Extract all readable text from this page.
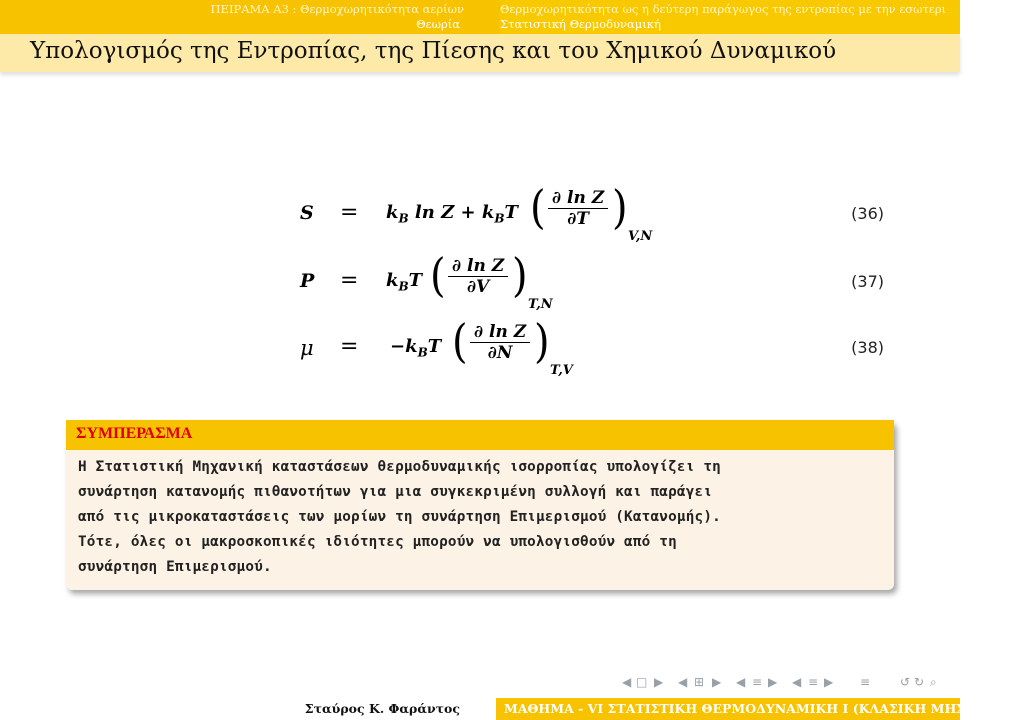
ΠΕΙΡΑΜΑ Α3 : Θερμοχωρητικότητα αερίων
Θεωρία
Θερμοχωρητικότητα ως η δεύτερη παράγωγος της εντροπίας με την εσωτερι
Στατιστική Θερμοδυναμική
Υπολογισμός της Εντροπίας, της Πίεσης και του Χημικού Δυναμικού
$S = k_B$ $\ln Z + k_BT$ ( $\frac{\text{∂ ln Z}}{\partial T}$ )
V,N
(36)
$P = k_BT$ ( $\frac{\text{∂ ln Z}}{\partial V}$ )
T,N
(37)
$\mu = -k_BT$ ( $\frac{\text{∂ ln Z}}{\partial N}$ )
T,V
(38)
ΣΥΜΠΕΡΑΣΜΑ
Η Στατιστική Μηχανική καταστάσεων θερμοδυναμικής ισορροπίας υπολογίζει τη
συνάρτηση κατανομής πιθανοτήτων για μια συγκεκριμένη συλλογή και παράγει
από τις μικροκαταστάσεις των μορίων τη συνάρτηση Επιμερισμού (Κατανομής).
Τότε, όλες οι μακροσκοπικές ιδιότητες μπορούν να υπολογισθούν από τη
συνάρτηση Επιμερισμού.
◀ □ ▶ ◀ ⊞ ▶ ◀ ≡ ▶ ◀ ≡ ▶ ≡ ↺ ↻ ⌕
Σταύρος Κ. Φαράντος	ΜΑΘΗΜΑ - VI ΣΤΑΤΙΣΤΙΚΗ ΘΕΡΜΟΔΥΝΑΜΙΚΗ Ι (ΚΛΑΣΙΚΗ ΜΗΧΑΝΙΚΗ) Α
